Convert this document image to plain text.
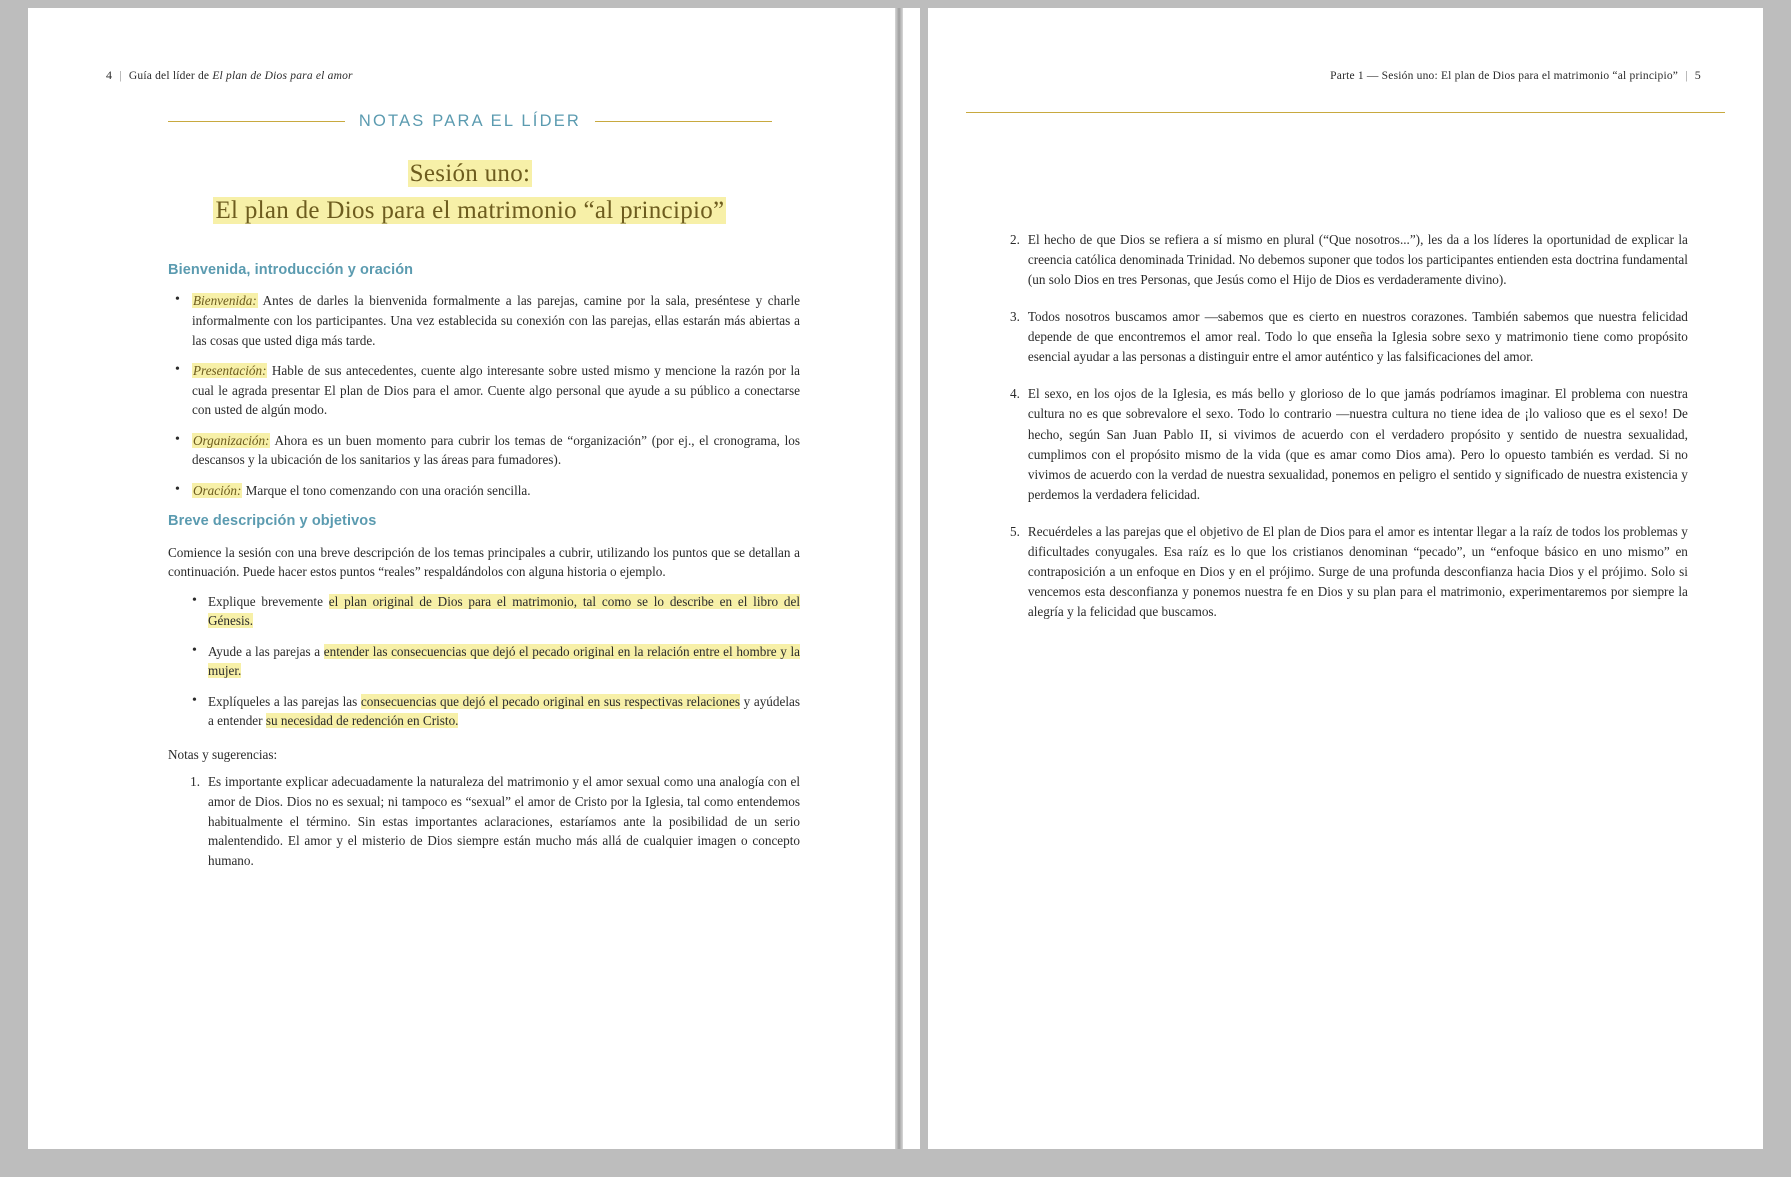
4 | Guía del líder de El plan de Dios para el amor
NOTAS PARA EL LÍDER
Sesión uno:
El plan de Dios para el matrimonio “al principio”
Bienvenida, introducción y oración
• Bienvenida: Antes de darles la bienvenida formalmente a las parejas, camine por la sala, preséntese y charle informalmente con los participantes. Una vez establecida su conexión con las parejas, ellas estarán más abiertas a las cosas que usted diga más tarde.
• Presentación: Hable de sus antecedentes, cuente algo interesante sobre usted mismo y mencione la razón por la cual le agrada presentar El plan de Dios para el amor. Cuente algo personal que ayude a su público a conectarse con usted de algún modo.
• Organización: Ahora es un buen momento para cubrir los temas de “organización” (por ej., el cronograma, los descansos y la ubicación de los sanitarios y las áreas para fumadores).
• Oración: Marque el tono comenzando con una oración sencilla.
Breve descripción y objetivos

Comience la sesión con una breve descripción de los temas principales a cubrir, utilizando los puntos que se detallan a continuación. Puede hacer estos puntos “reales” respaldándolos con alguna historia o ejemplo.

• Explique brevemente el plan original de Dios para el matrimonio, tal como se lo describe en el libro del Génesis.
• Ayude a las parejas a entender las consecuencias que dejó el pecado original en la relación entre el hombre y la mujer.
• Explíqueles a las parejas las consecuencias que dejó el pecado original en sus respectivas relaciones y ayúdelas a entender su necesidad de redención en Cristo.

Notas y sugerencias:

1. Es importante explicar adecuadamente la naturaleza del matrimonio y el amor sexual como una analogía con el amor de Dios. Dios no es sexual; ni tampoco es “sexual” el amor de Cristo por la Iglesia, tal como entendemos habitualmente el término. Sin estas importantes aclaraciones, estaríamos ante la posibilidad de un serio malentendido. El amor y el misterio de Dios siempre están mucho más allá de cualquier imagen o concepto humano.
Parte 1 — Sesión uno: El plan de Dios para el matrimonio “al principio” | 5
2. El hecho de que Dios se refiera a sí mismo en plural (“Que nosotros...”), les da a los líderes la oportunidad de explicar la creencia católica denominada Trinidad. No debemos suponer que todos los participantes entienden esta doctrina fundamental (un solo Dios en tres Personas, que Jesús como el Hijo de Dios es verdaderamente divino).
3. Todos nosotros buscamos amor —sabemos que es cierto en nuestros corazones. También sabemos que nuestra felicidad depende de que encontremos el amor real. Todo lo que enseña la Iglesia sobre sexo y matrimonio tiene como propósito esencial ayudar a las personas a distinguir entre el amor auténtico y las falsificaciones del amor.
4. El sexo, en los ojos de la Iglesia, es más bello y glorioso de lo que jamás podríamos imaginar. El problema con nuestra cultura no es que sobrevalore el sexo. Todo lo contrario —nuestra cultura no tiene idea de ¡lo valioso que es el sexo! De hecho, según San Juan Pablo II, si vivimos de acuerdo con el verdadero propósito y sentido de nuestra sexualidad, cumplimos con el propósito mismo de la vida (que es amar como Dios ama). Pero lo opuesto también es verdad. Si no vivimos de acuerdo con la verdad de nuestra sexualidad, ponemos en peligro el sentido y significado de nuestra existencia y perdemos la verdadera felicidad.
5. Recuérdeles a las parejas que el objetivo de El plan de Dios para el amor es intentar llegar a la raíz de todos los problemas y dificultades conyugales. Esa raíz es lo que los cristianos denominan “pecado”, un “enfoque básico en uno mismo” en contraposición a un enfoque en Dios y en el prójimo. Surge de una profunda desconfianza hacia Dios y el prójimo. Solo si vencemos esta desconfianza y ponemos nuestra fe en Dios y su plan para el matrimonio, experimentaremos por siempre la alegría y la felicidad que buscamos.
